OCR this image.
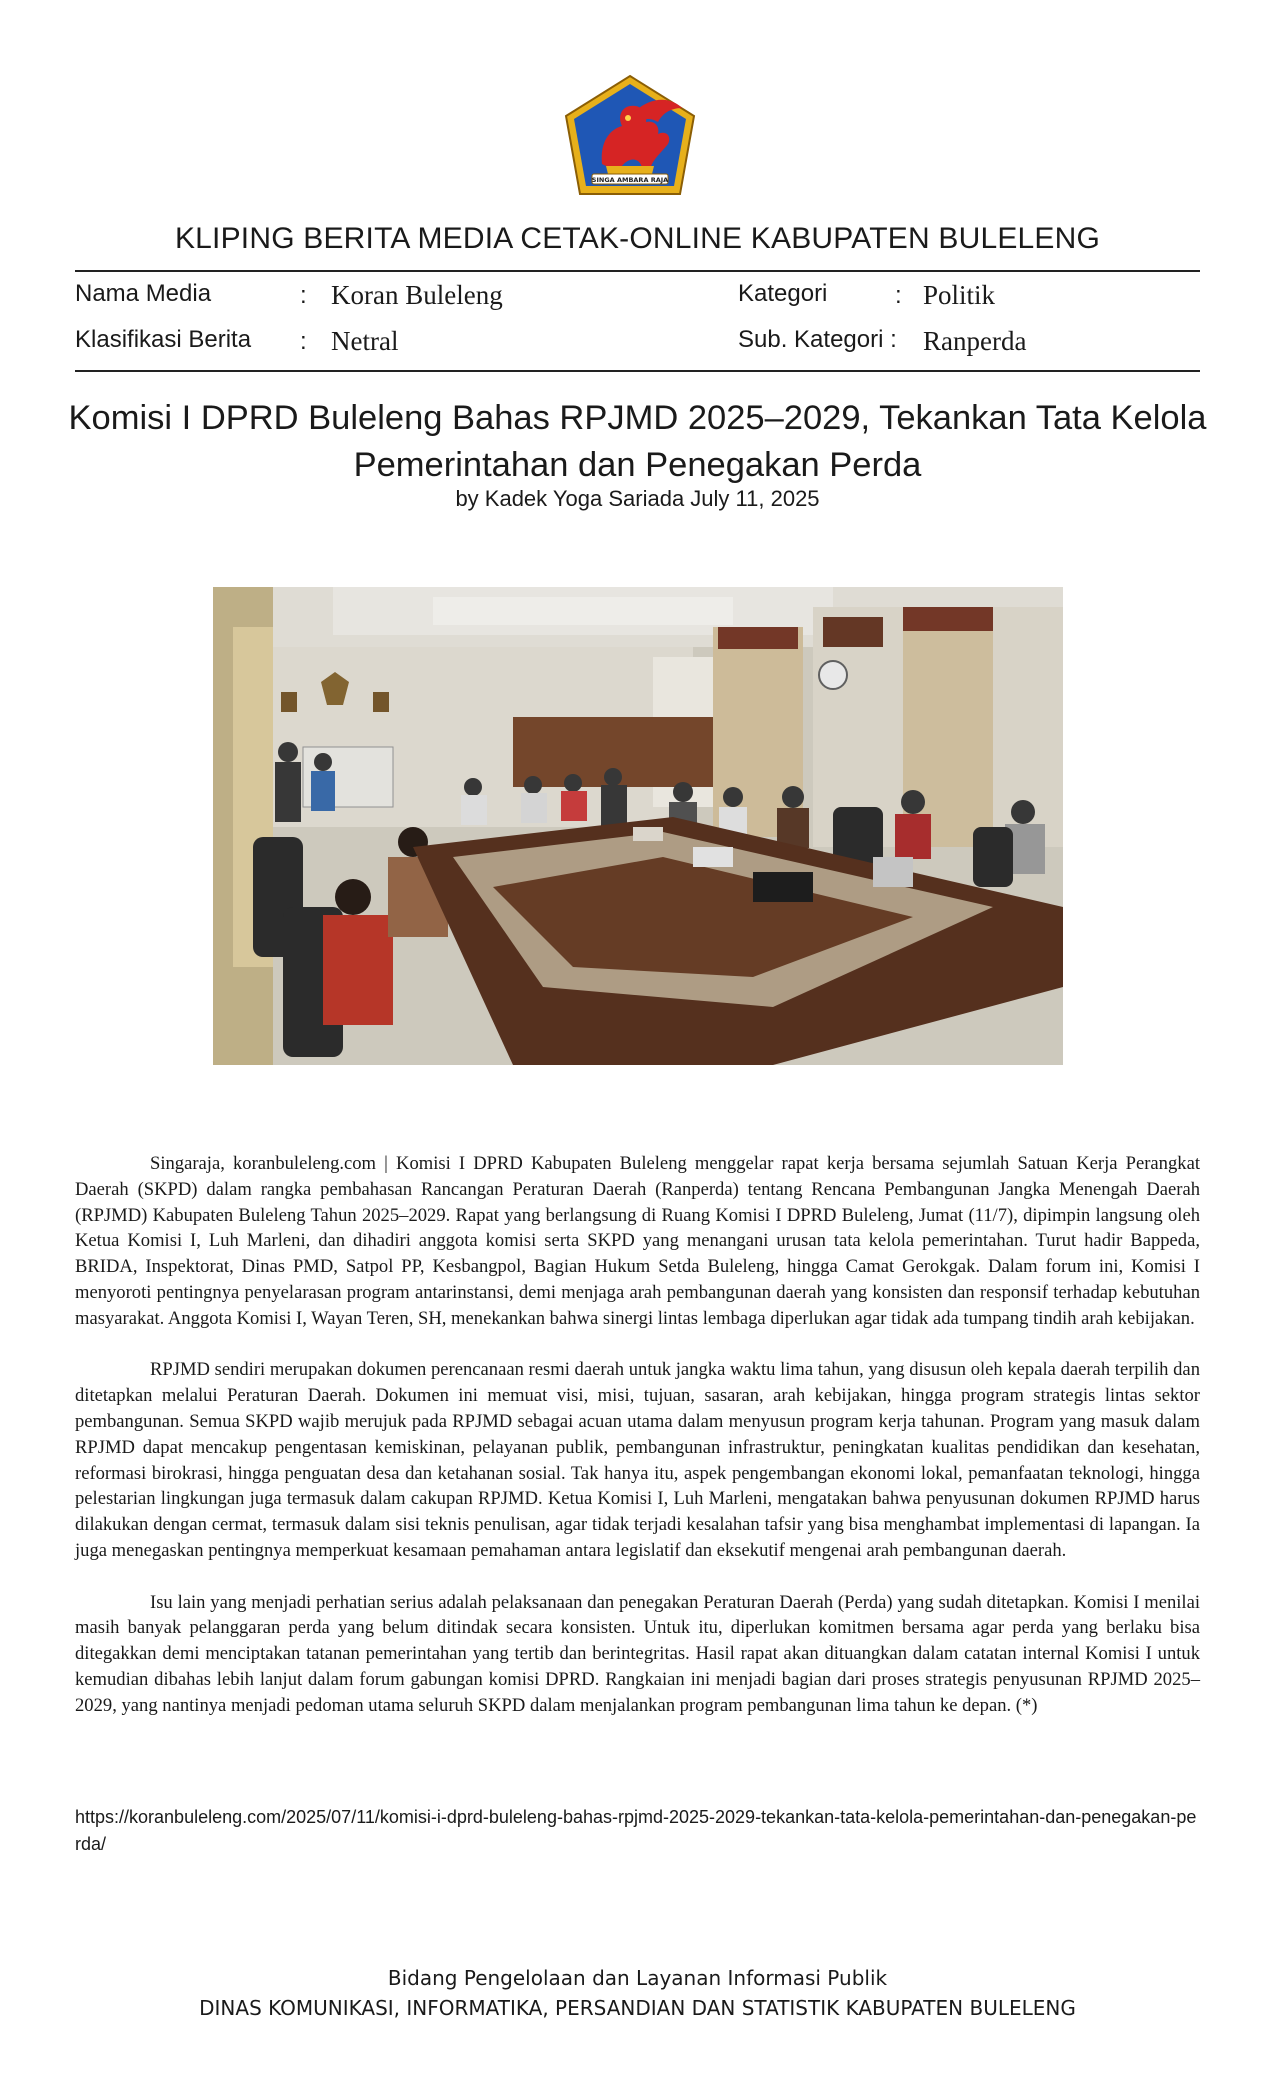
SINGA AMBARA RAJA
KLIPING BERITA MEDIA CETAK-ONLINE KABUPATEN BULELENG
Nama Media	: Koran Buleleng	Kategori	: Politik
Klasifikasi Berita : Netral	Sub. Kategori : Ranperda
Komisi I DPRD Buleleng Bahas RPJMD 2025–2029, Tekankan Tata Kelola
Pemerintahan dan Penegakan Perda
by Kadek Yoga Sariada July 11, 2025

Singaraja, koranbuleleng.com | Komisi I DPRD Kabupaten Buleleng menggelar rapat kerja bersama sejumlah Satuan Kerja Perangkat Daerah (SKPD) dalam rangka pembahasan Rancangan Peraturan Daerah (Ranperda) tentang Rencana Pembangunan Jangka Menengah Daerah (RPJMD) Kabupaten Buleleng Tahun 2025–2029. Rapat yang berlangsung di Ruang Komisi I DPRD Buleleng, Jumat (11/7), dipimpin langsung oleh Ketua Komisi I, Luh Marleni, dan dihadiri anggota komisi serta SKPD yang menangani urusan tata kelola pemerintahan. Turut hadir Bappeda, BRIDA, Inspektorat, Dinas PMD, Satpol PP, Kesbangpol, Bagian Hukum Setda Buleleng, hingga Camat Gerokgak. Dalam forum ini, Komisi I menyoroti pentingnya penyelarasan program antarinstansi, demi menjaga arah pembangunan daerah yang konsisten dan responsif terhadap kebutuhan masyarakat. Anggota Komisi I, Wayan Teren, SH, menekankan bahwa sinergi lintas lembaga diperlukan agar tidak ada tumpang tindih arah kebijakan.

RPJMD sendiri merupakan dokumen perencanaan resmi daerah untuk jangka waktu lima tahun, yang disusun oleh kepala daerah terpilih dan ditetapkan melalui Peraturan Daerah. Dokumen ini memuat visi, misi, tujuan, sasaran, arah kebijakan, hingga program strategis lintas sektor pembangunan. Semua SKPD wajib merujuk pada RPJMD sebagai acuan utama dalam menyusun program kerja tahunan. Program yang masuk dalam RPJMD dapat mencakup pengentasan kemiskinan, pelayanan publik, pembangunan infrastruktur, peningkatan kualitas pendidikan dan kesehatan, reformasi birokrasi, hingga penguatan desa dan ketahanan sosial. Tak hanya itu, aspek pengembangan ekonomi lokal, pemanfaatan teknologi, hingga pelestarian lingkungan juga termasuk dalam cakupan RPJMD. Ketua Komisi I, Luh Marleni, mengatakan bahwa penyusunan dokumen RPJMD harus dilakukan dengan cermat, termasuk dalam sisi teknis penulisan, agar tidak terjadi kesalahan tafsir yang bisa menghambat implementasi di lapangan. Ia juga menegaskan pentingnya memperkuat kesamaan pemahaman antara legislatif dan eksekutif mengenai arah pembangunan daerah.

Isu lain yang menjadi perhatian serius adalah pelaksanaan dan penegakan Peraturan Daerah (Perda) yang sudah ditetapkan. Komisi I menilai masih banyak pelanggaran perda yang belum ditindak secara konsisten. Untuk itu, diperlukan komitmen bersama agar perda yang berlaku bisa ditegakkan demi menciptakan tatanan pemerintahan yang tertib dan berintegritas. Hasil rapat akan dituangkan dalam catatan internal Komisi I untuk kemudian dibahas lebih lanjut dalam forum gabungan komisi DPRD. Rangkaian ini menjadi bagian dari proses strategis penyusunan RPJMD 2025–2029, yang nantinya menjadi pedoman utama seluruh SKPD dalam menjalankan program pembangunan lima tahun ke depan. (*)

https://koranbuleleng.com/2025/07/11/komisi-i-dprd-buleleng-bahas-rpjmd-2025-2029-tekankan-tata-kelola-pemerintahan-dan-penegakan-perda/
Bidang Pengelolaan dan Layanan Informasi Publik
DINAS KOMUNIKASI, INFORMATIKA, PERSANDIAN DAN STATISTIK KABUPATEN BULELENG
